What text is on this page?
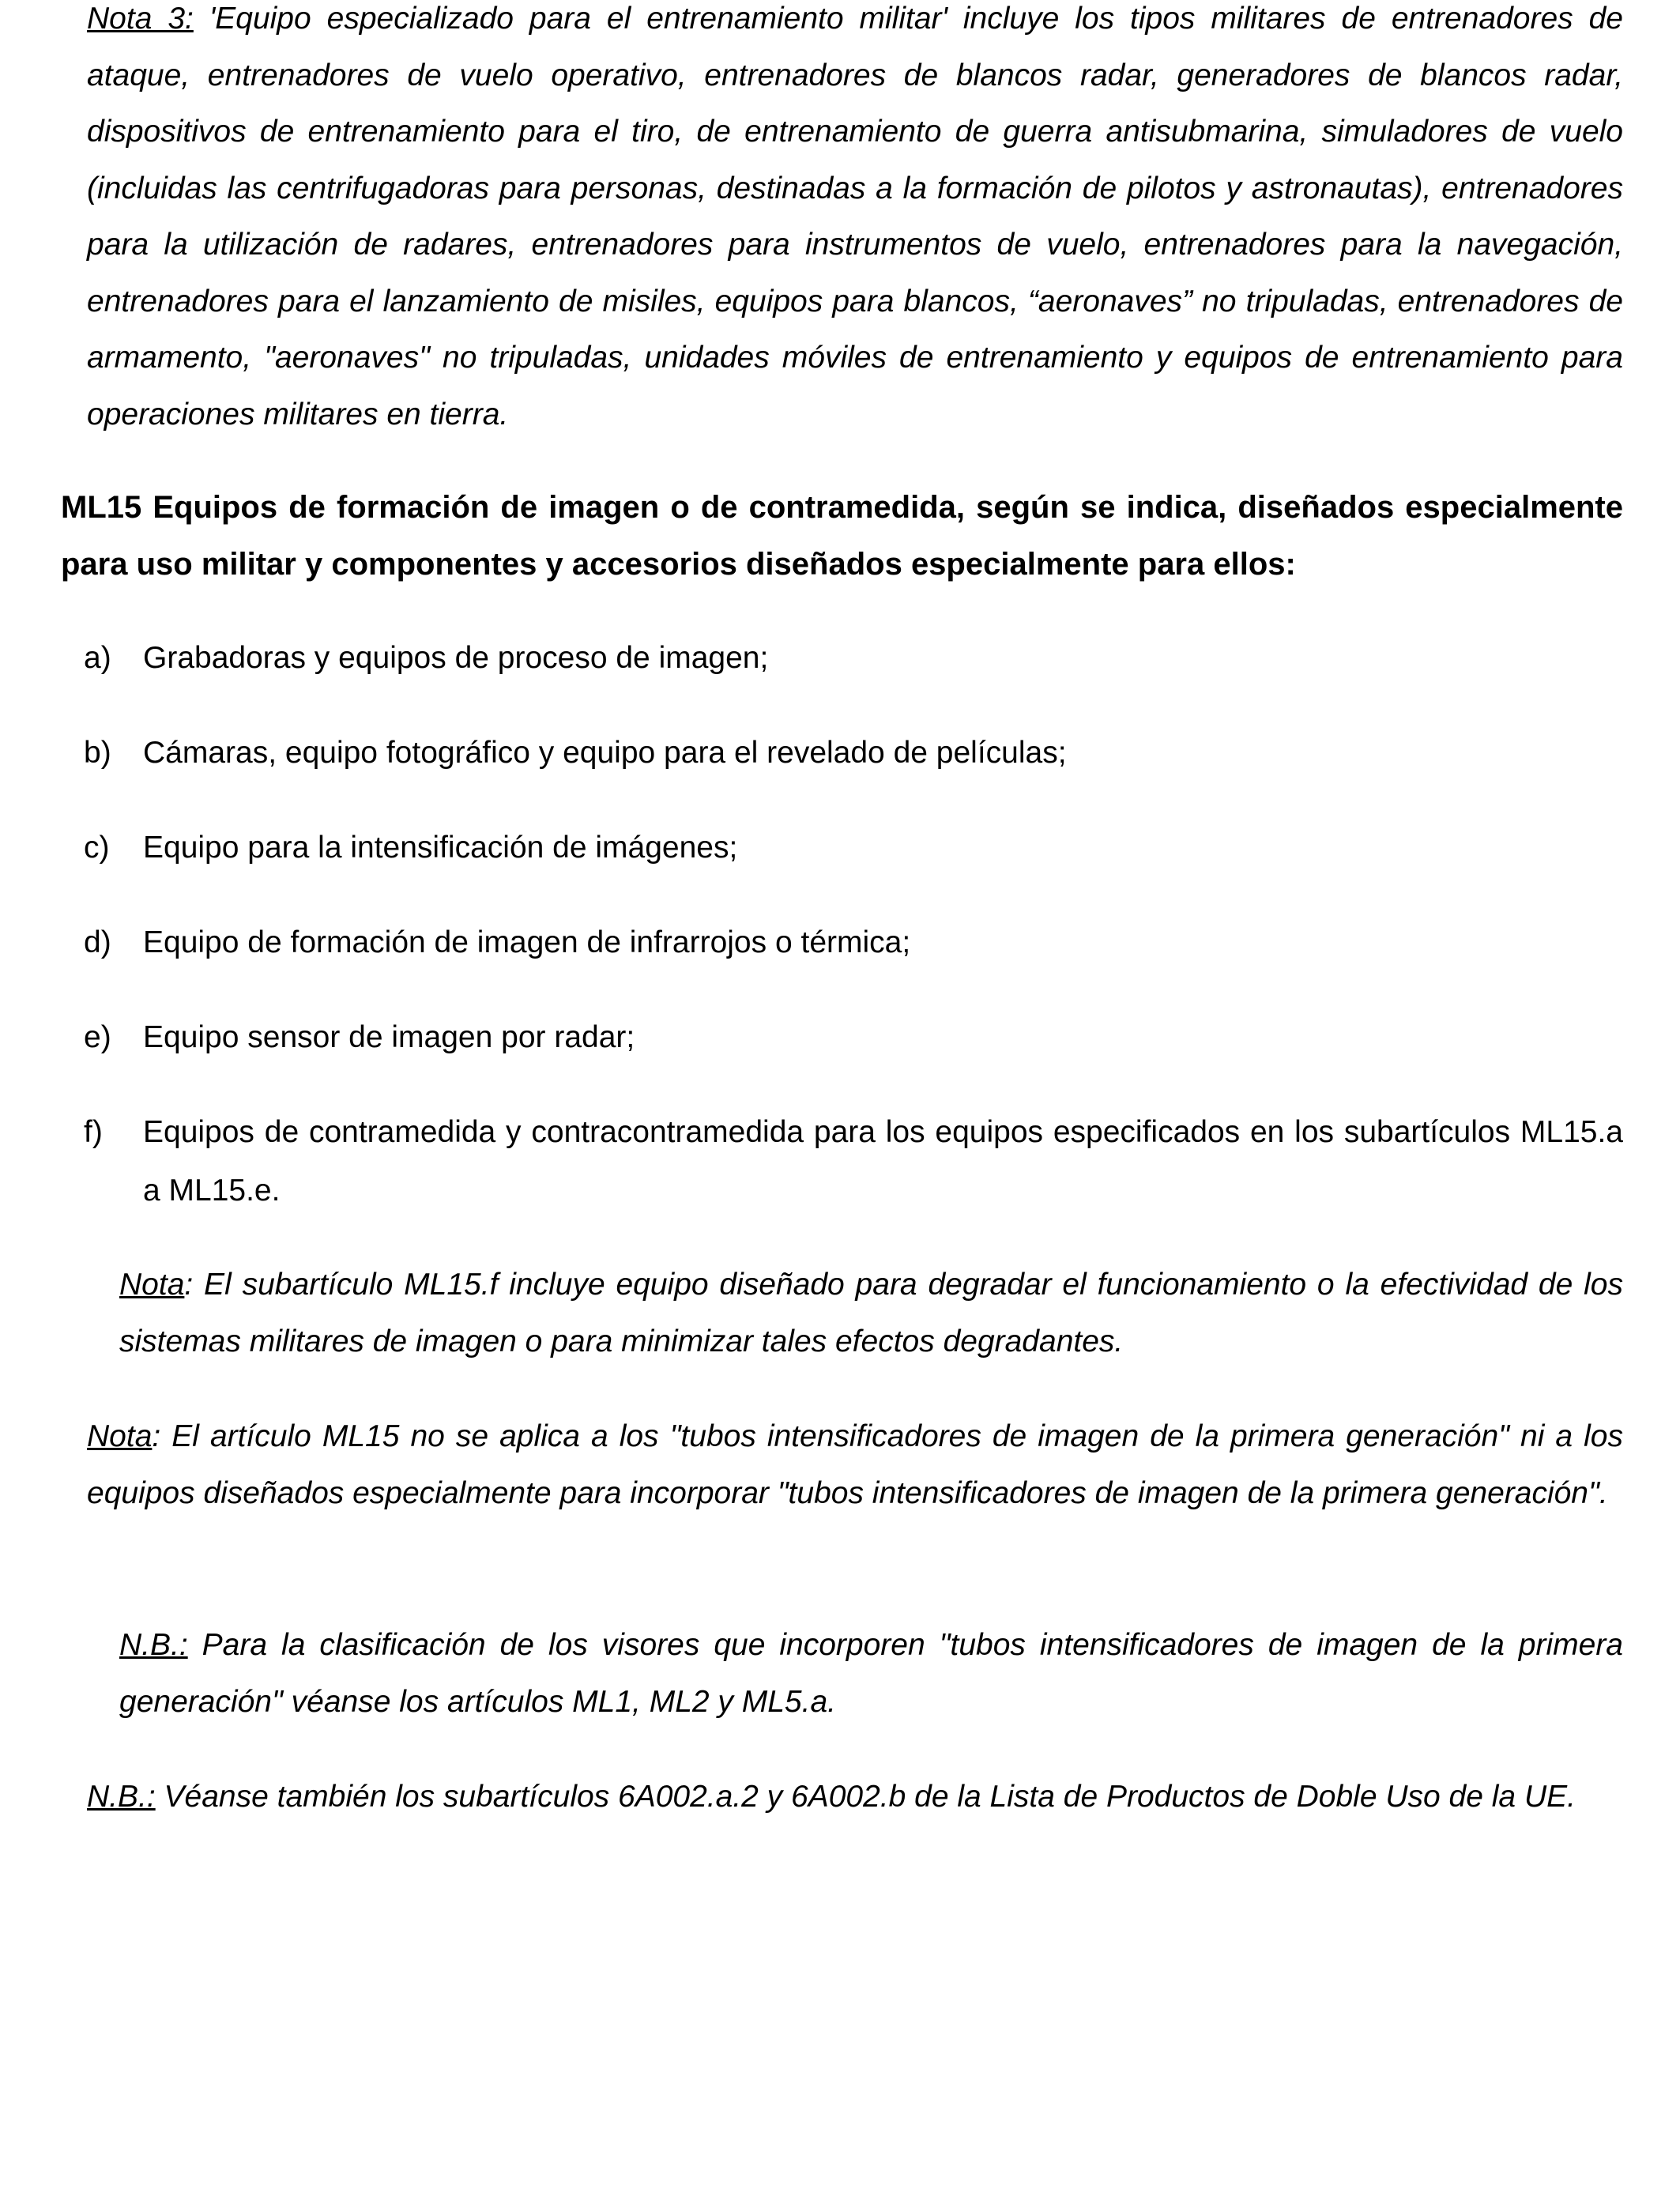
Nota 3: 'Equipo especializado para el entrenamiento militar' incluye los tipos militares de entrenadores de ataque, entrenadores de vuelo operativo, entrenadores de blancos radar, generadores de blancos radar, dispositivos de entrenamiento para el tiro, de entrenamiento de guerra antisubmarina, simuladores de vuelo (incluidas las centrifugadoras para personas, destinadas a la formación de pilotos y astronautas), entrenadores para la utilización de radares, entrenadores para instrumentos de vuelo, entrenadores para la navegación, entrenadores para el lanzamiento de misiles, equipos para blancos, “aeronaves” no tripuladas, entrenadores de armamento, "aeronaves" no tripuladas, unidades móviles de entrenamiento y equipos de entrenamiento para operaciones militares en tierra.

ML15 Equipos de formación de imagen o de contramedida, según se indica, diseñados especialmente para uso militar y componentes y accesorios diseñados especialmente para ellos:

a) Grabadoras y equipos de proceso de imagen;
b) Cámaras, equipo fotográfico y equipo para el revelado de películas;
c) Equipo para la intensificación de imágenes;
d) Equipo de formación de imagen de infrarrojos o térmica;
e) Equipo sensor de imagen por radar;
f) Equipos de contramedida y contracontramedida para los equipos especificados en los subartículos ML15.a a ML15.e.

Nota: El subartículo ML15.f incluye equipo diseñado para degradar el funcionamiento o la efectividad de los sistemas militares de imagen o para minimizar tales efectos degradantes.

Nota: El artículo ML15 no se aplica a los "tubos intensificadores de imagen de la primera generación" ni a los equipos diseñados especialmente para incorporar "tubos intensificadores de imagen de la primera generación".

N.B.: Para la clasificación de los visores que incorporen "tubos intensificadores de imagen de la primera generación" véanse los artículos ML1, ML2 y ML5.a.

N.B.: Véanse también los subartículos 6A002.a.2 y 6A002.b de la Lista de Productos de Doble Uso de la UE.
